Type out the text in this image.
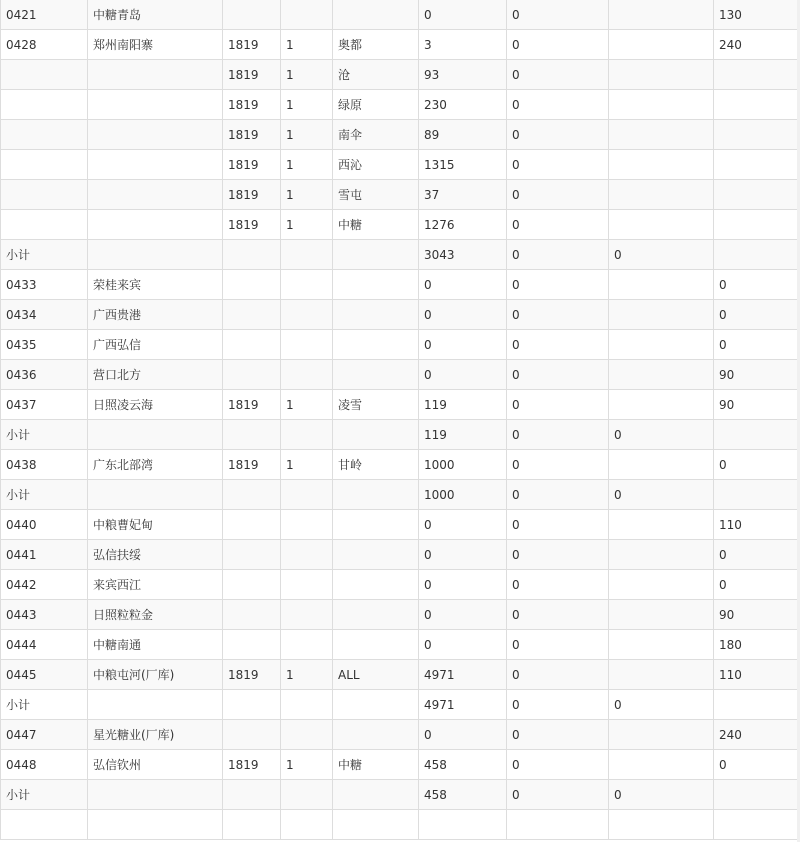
0421	中糖青岛				0	0		130
0428	郑州南阳寨	1819	1	奥都	3	0		240
		1819	1	沧	93	0		
		1819	1	绿原	230	0		
		1819	1	南伞	89	0		
		1819	1	西沁	1315	0		
		1819	1	雪屯	37	0		
		1819	1	中糖	1276	0		
小计					3043	0	0	
0433	荣桂来宾				0	0		0
0434	广西贵港				0	0		0
0435	广西弘信				0	0		0
0436	营口北方				0	0		90
0437	日照凌云海	1819	1	凌雪	119	0		90
小计					119	0	0	
0438	广东北部湾	1819	1	甘岭	1000	0		0
小计					1000	0	0	
0440	中粮曹妃甸				0	0		110
0441	弘信扶绥				0	0		0
0442	来宾西江				0	0		0
0443	日照粒粒金				0	0		90
0444	中糖南通				0	0		180
0445	中粮屯河(厂库)	1819	1	ALL	4971	0		110
小计					4971	0	0	
0447	星光糖业(厂库)				0	0		240
0448	弘信钦州	1819	1	中糖	458	0		0
小计					458	0	0	
